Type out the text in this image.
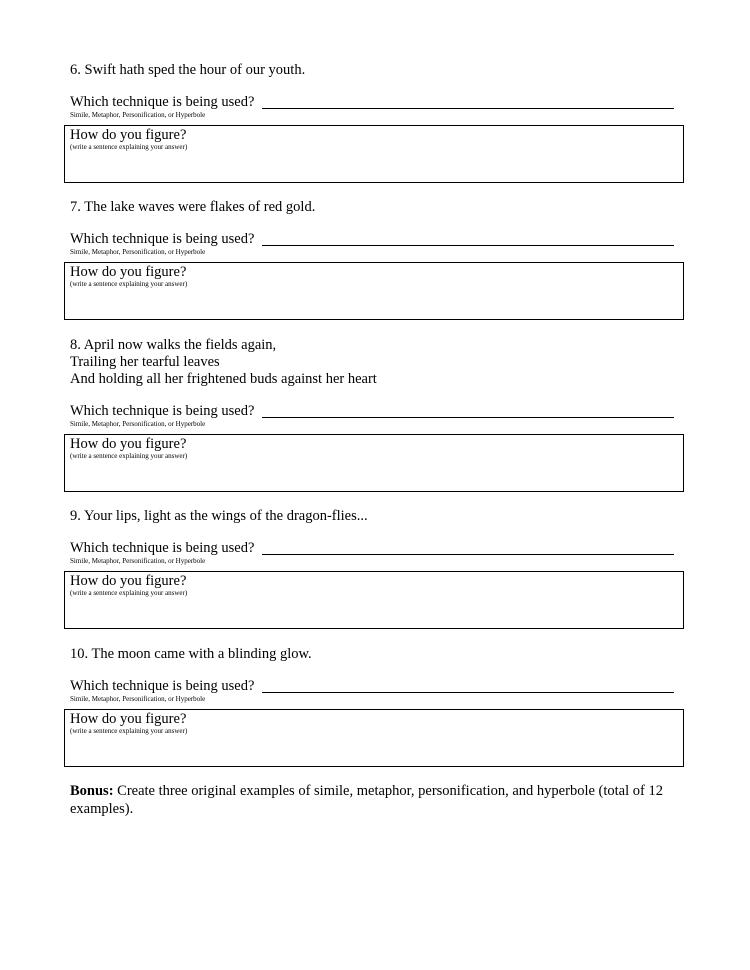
6. Swift hath sped the hour of our youth.

Which technique is being used?
Simile, Metaphor, Personification, or Hyperbole
How do you figure?
(write a sentence explaining your answer)

7. The lake waves were flakes of red gold.

Which technique is being used?
Simile, Metaphor, Personification, or Hyperbole
How do you figure?
(write a sentence explaining your answer)

8. April now walks the fields again,
Trailing her tearful leaves
And holding all her frightened buds against her heart

Which technique is being used?
Simile, Metaphor, Personification, or Hyperbole
How do you figure?
(write a sentence explaining your answer)

9. Your lips, light as the wings of the dragon-flies...

Which technique is being used?
Simile, Metaphor, Personification, or Hyperbole
How do you figure?
(write a sentence explaining your answer)

10. The moon came with a blinding glow.

Which technique is being used?
Simile, Metaphor, Personification, or Hyperbole
How do you figure?
(write a sentence explaining your answer)

Bonus: Create three original examples of simile, metaphor, personification, and hyperbole (total of 12 examples).
